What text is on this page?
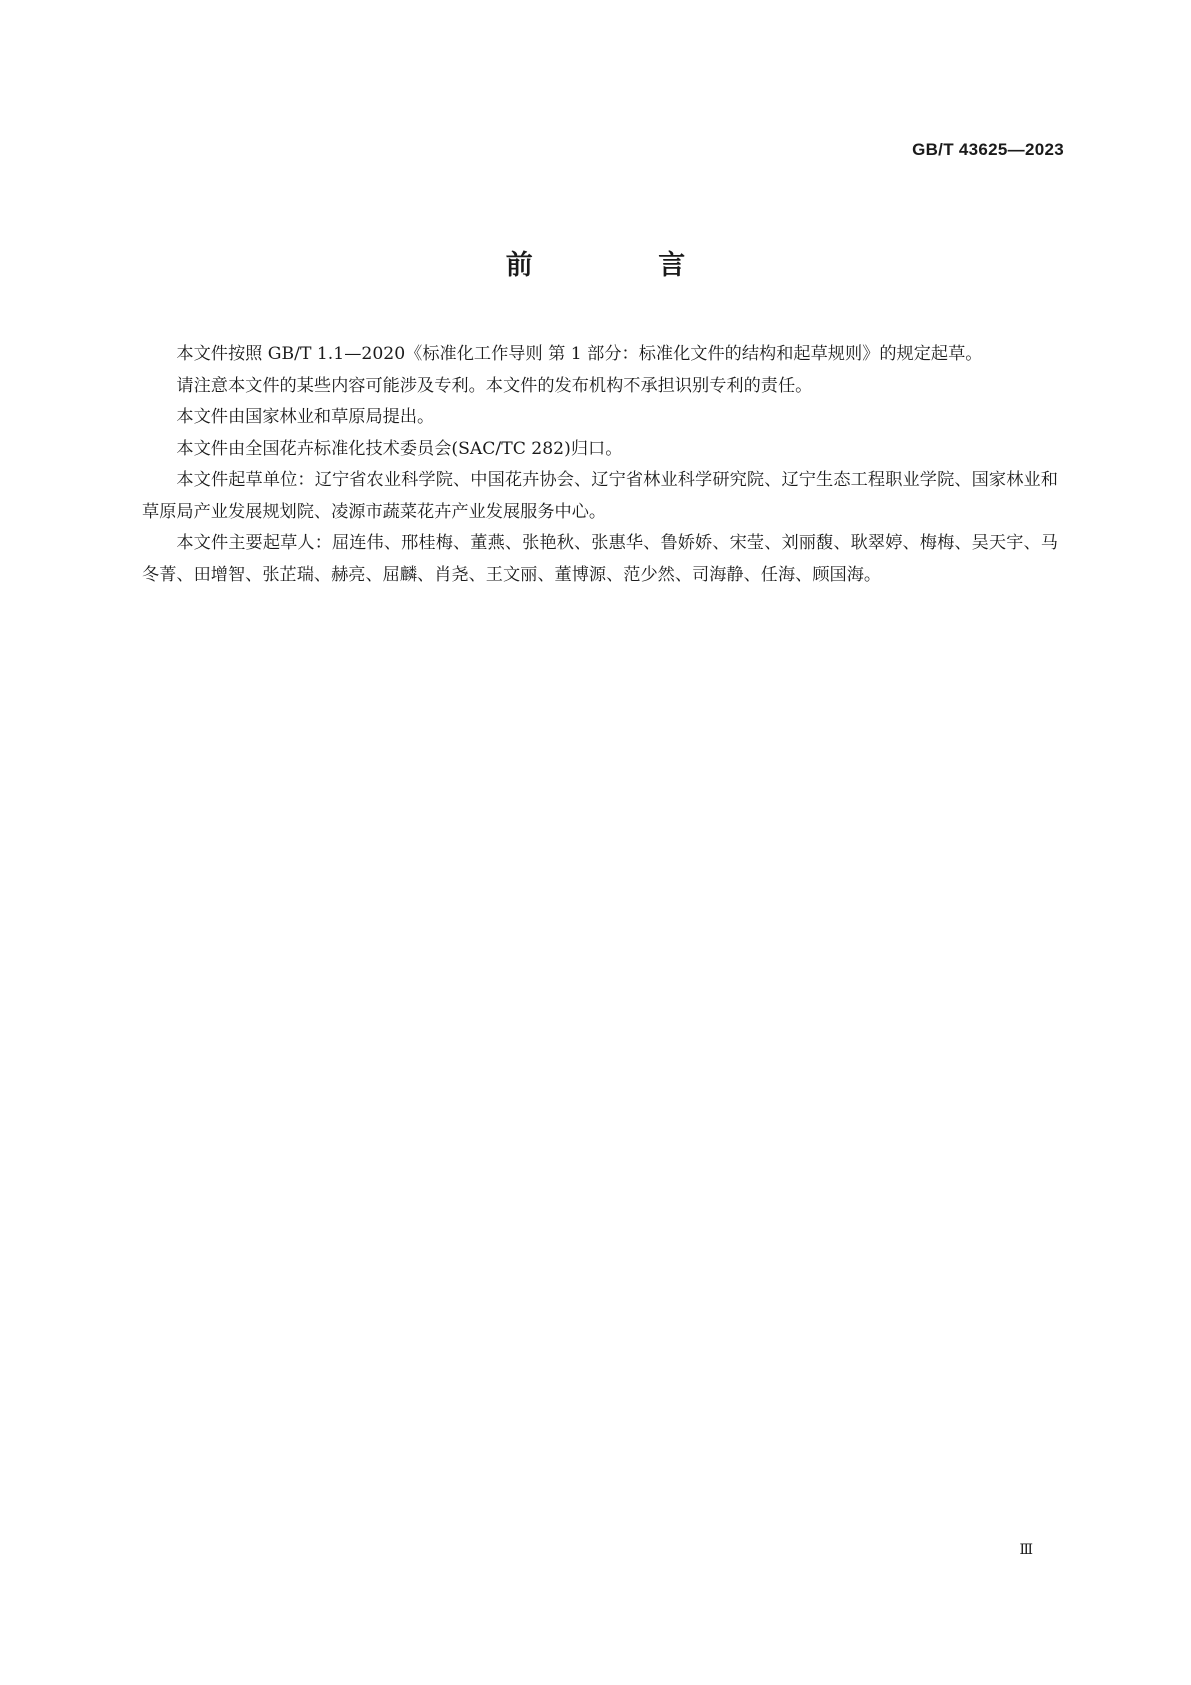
GB/T 43625—2023
前 言

本文件按照 GB/T 1.1—2020《标准化工作导则 第 1 部分：标准化文件的结构和起草规则》的规定起草。

请注意本文件的某些内容可能涉及专利。本文件的发布机构不承担识别专利的责任。

本文件由国家林业和草原局提出。

本文件由全国花卉标准化技术委员会(SAC/TC 282)归口。

本文件起草单位：辽宁省农业科学院、中国花卉协会、辽宁省林业科学研究院、辽宁生态工程职业学院、国家林业和草原局产业发展规划院、凌源市蔬菜花卉产业发展服务中心。

本文件主要起草人：屈连伟、邢桂梅、董燕、张艳秋、张惠华、鲁娇娇、宋莹、刘丽馥、耿翠婷、梅梅、吴天宇、马冬菁、田增智、张芷瑞、赫亮、屈麟、肖尧、王文丽、董博源、范少然、司海静、任海、顾国海。

Ⅲ
